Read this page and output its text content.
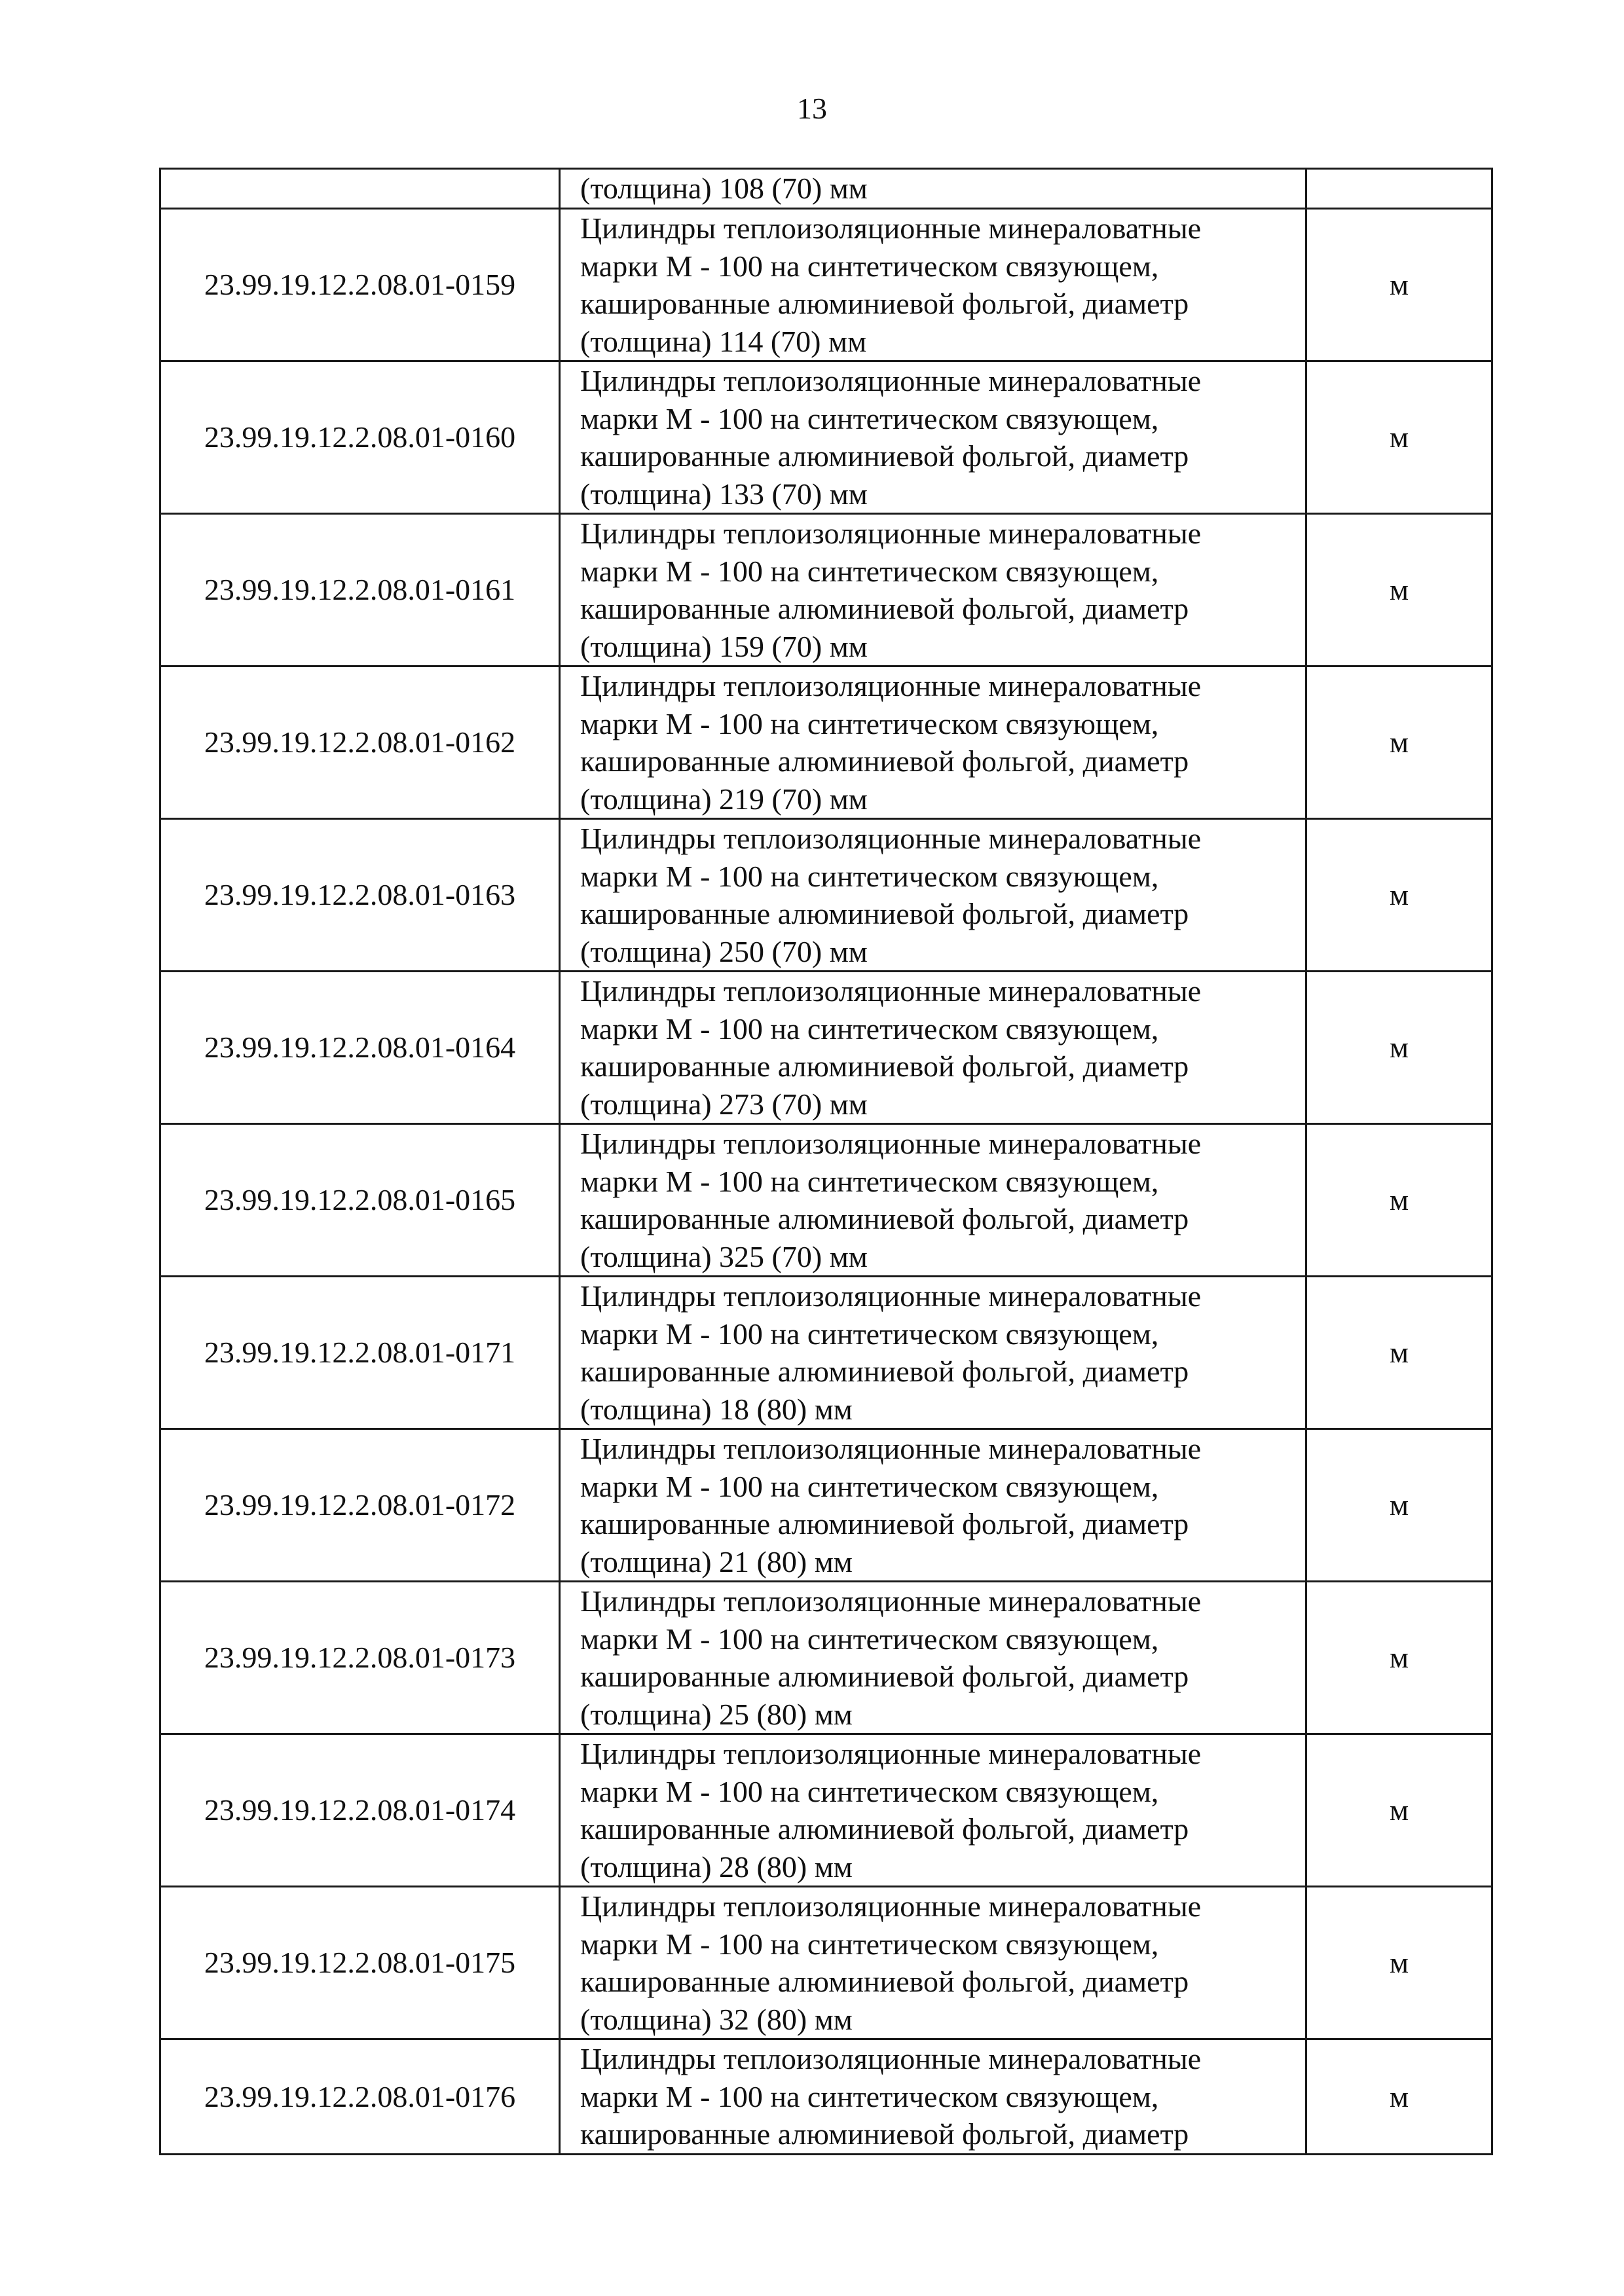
13

	(толщина) 108 (70) мм	

23.99.19.12.2.08.01-0159	Цилиндры теплоизоляционные минераловатные
марки М - 100 на синтетическом связующем,
кашированные алюминиевой фольгой, диаметр
(толщина) 114 (70) мм	м
23.99.19.12.2.08.01-0160	Цилиндры теплоизоляционные минераловатные
марки М - 100 на синтетическом связующем,
кашированные алюминиевой фольгой, диаметр
(толщина) 133 (70) мм	м
23.99.19.12.2.08.01-0161	Цилиндры теплоизоляционные минераловатные
марки М - 100 на синтетическом связующем,
кашированные алюминиевой фольгой, диаметр
(толщина) 159 (70) мм	м
23.99.19.12.2.08.01-0162	Цилиндры теплоизоляционные минераловатные
марки М - 100 на синтетическом связующем,
кашированные алюминиевой фольгой, диаметр
(толщина) 219 (70) мм	м
23.99.19.12.2.08.01-0163	Цилиндры теплоизоляционные минераловатные
марки М - 100 на синтетическом связующем,
кашированные алюминиевой фольгой, диаметр
(толщина) 250 (70) мм	м
23.99.19.12.2.08.01-0164	Цилиндры теплоизоляционные минераловатные
марки М - 100 на синтетическом связующем,
кашированные алюминиевой фольгой, диаметр
(толщина) 273 (70) мм	м
23.99.19.12.2.08.01-0165	Цилиндры теплоизоляционные минераловатные
марки М - 100 на синтетическом связующем,
кашированные алюминиевой фольгой, диаметр
(толщина) 325 (70) мм	м
23.99.19.12.2.08.01-0171	Цилиндры теплоизоляционные минераловатные
марки М - 100 на синтетическом связующем,
кашированные алюминиевой фольгой, диаметр
(толщина) 18 (80) мм	м
23.99.19.12.2.08.01-0172	Цилиндры теплоизоляционные минераловатные
марки М - 100 на синтетическом связующем,
кашированные алюминиевой фольгой, диаметр
(толщина) 21 (80) мм	м
23.99.19.12.2.08.01-0173	Цилиндры теплоизоляционные минераловатные
марки М - 100 на синтетическом связующем,
кашированные алюминиевой фольгой, диаметр
(толщина) 25 (80) мм	м
23.99.19.12.2.08.01-0174	Цилиндры теплоизоляционные минераловатные
марки М - 100 на синтетическом связующем,
кашированные алюминиевой фольгой, диаметр
(толщина) 28 (80) мм	м
23.99.19.12.2.08.01-0175	Цилиндры теплоизоляционные минераловатные
марки М - 100 на синтетическом связующем,
кашированные алюминиевой фольгой, диаметр
(толщина) 32 (80) мм	м
23.99.19.12.2.08.01-0176	Цилиндры теплоизоляционные минераловатные
марки М - 100 на синтетическом связующем,
кашированные алюминиевой фольгой, диаметр	м
